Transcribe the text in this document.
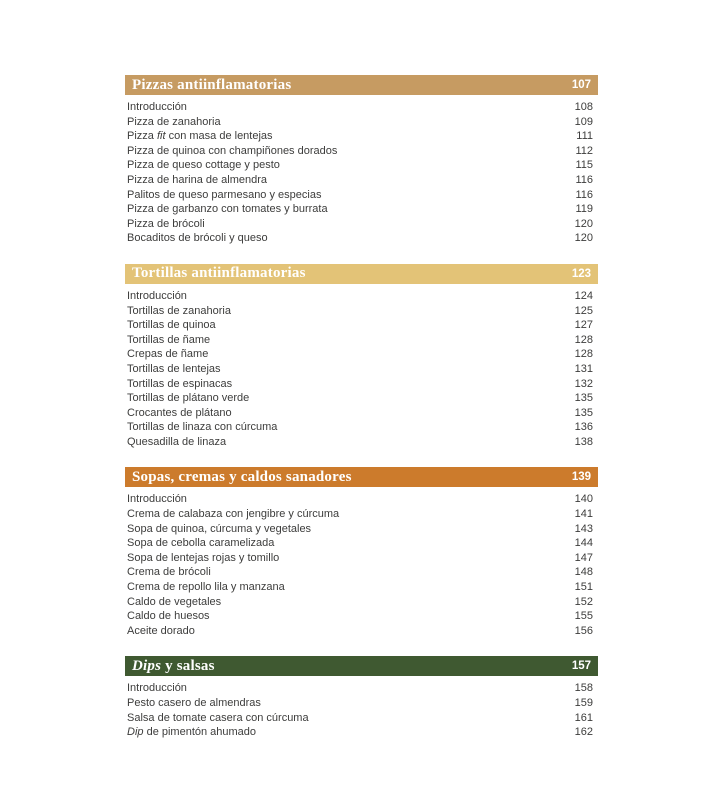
Pizzas antiinflamatorias	107
Introducción	108
Pizza de zanahoria	109
Pizza fit con masa de lentejas	111
Pizza de quinoa con champiñones dorados	112
Pizza de queso cottage y pesto	115
Pizza de harina de almendra	116
Palitos de queso parmesano y especias	116
Pizza de garbanzo con tomates y burrata	119
Pizza de brócoli	120
Bocaditos de brócoli y queso	120
Tortillas antiinflamatorias	123
Introducción	124
Tortillas de zanahoria	125
Tortillas de quinoa	127
Tortillas de ñame	128
Crepas de ñame	128
Tortillas de lentejas	131
Tortillas de espinacas	132
Tortillas de plátano verde	135
Crocantes de plátano	135
Tortillas de linaza con cúrcuma	136
Quesadilla de linaza	138
Sopas, cremas y caldos sanadores	139
Introducción	140
Crema de calabaza con jengibre y cúrcuma	141
Sopa de quinoa, cúrcuma y vegetales	143
Sopa de cebolla caramelizada	144
Sopa de lentejas rojas y tomillo	147
Crema de brócoli	148
Crema de repollo lila y manzana	151
Caldo de vegetales	152
Caldo de huesos	155
Aceite dorado	156
Dips y salsas	157
Introducción	158
Pesto casero de almendras	159
Salsa de tomate casera con cúrcuma	161
Dip de pimentón ahumado	162
